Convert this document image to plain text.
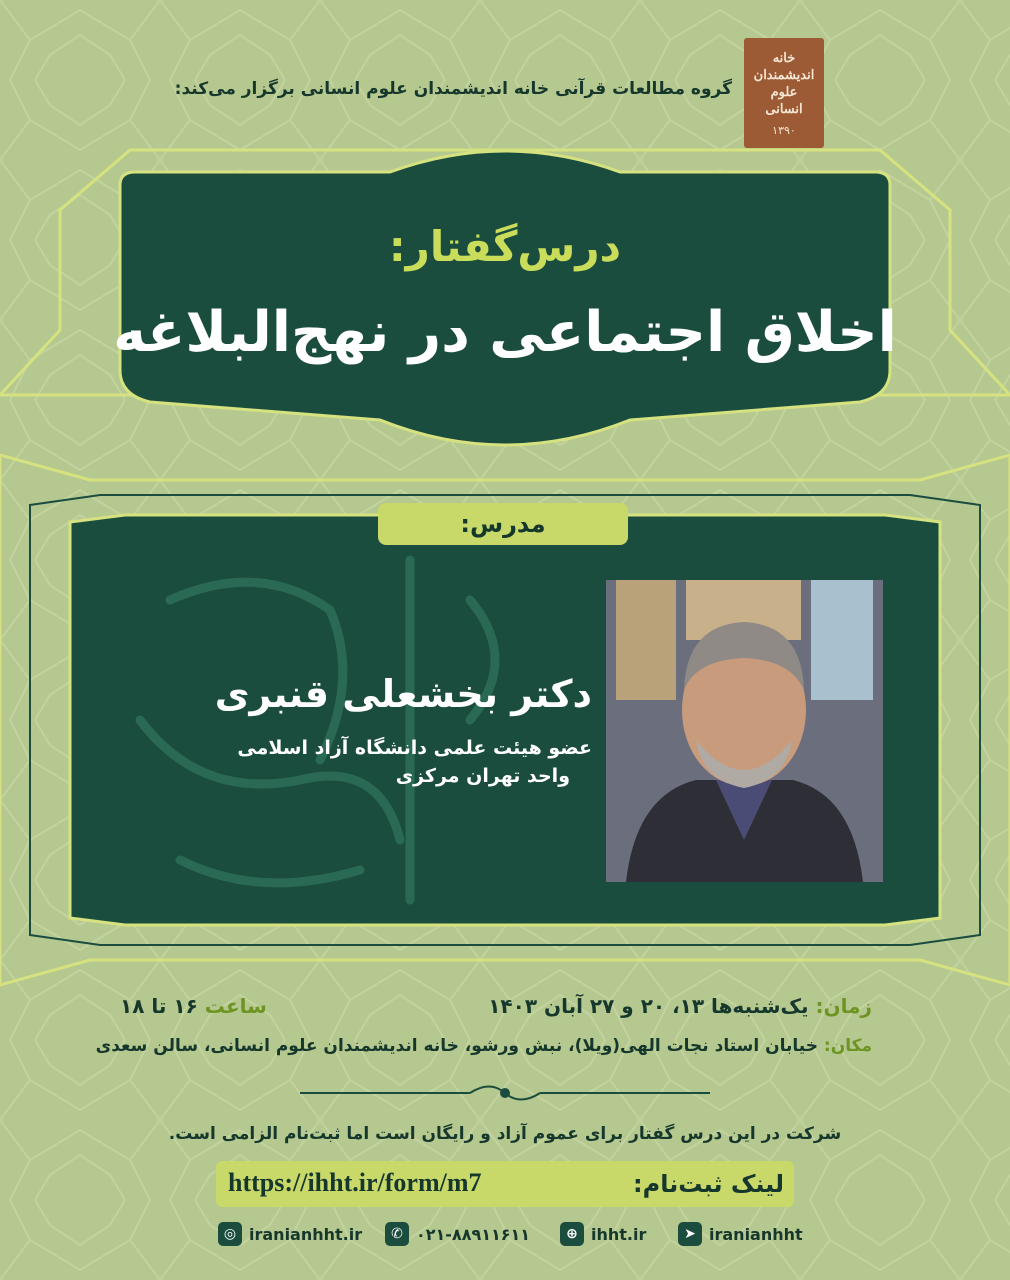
گروه مطالعات قرآنی خانه اندیشمندان علوم انسانی برگزار می‌کند:
خانه اندیشمندان علوم انسانی
۱۳۹۰
درس‌گفتار:
اخلاق اجتماعی در نهج‌البلاغه
مدرس:
دکتر بخشعلی قنبری
عضو هیئت علمی دانشگاه آزاد اسلامی
واحد تهران مرکزی
زمان: یک‌شنبه‌ها ۱۳، ۲۰ و ۲۷ آبان ۱۴۰۳
ساعت ۱۶ تا ۱۸
مکان: خیابان استاد نجات الهی(ویلا)، نبش ورشو، خانه اندیشمندان علوم انسانی، سالن سعدی
شرکت در این درس گفتار برای عموم آزاد و رایگان است اما ثبت‌نام الزامی است.
https://ihht.ir/form/m7	لینک ثبت‌نام:
◎ iranianhht.ir	✆ ۰۲۱-۸۸۹۱۱۶۱۱	⊕ ihht.ir	➤ iranianhht
